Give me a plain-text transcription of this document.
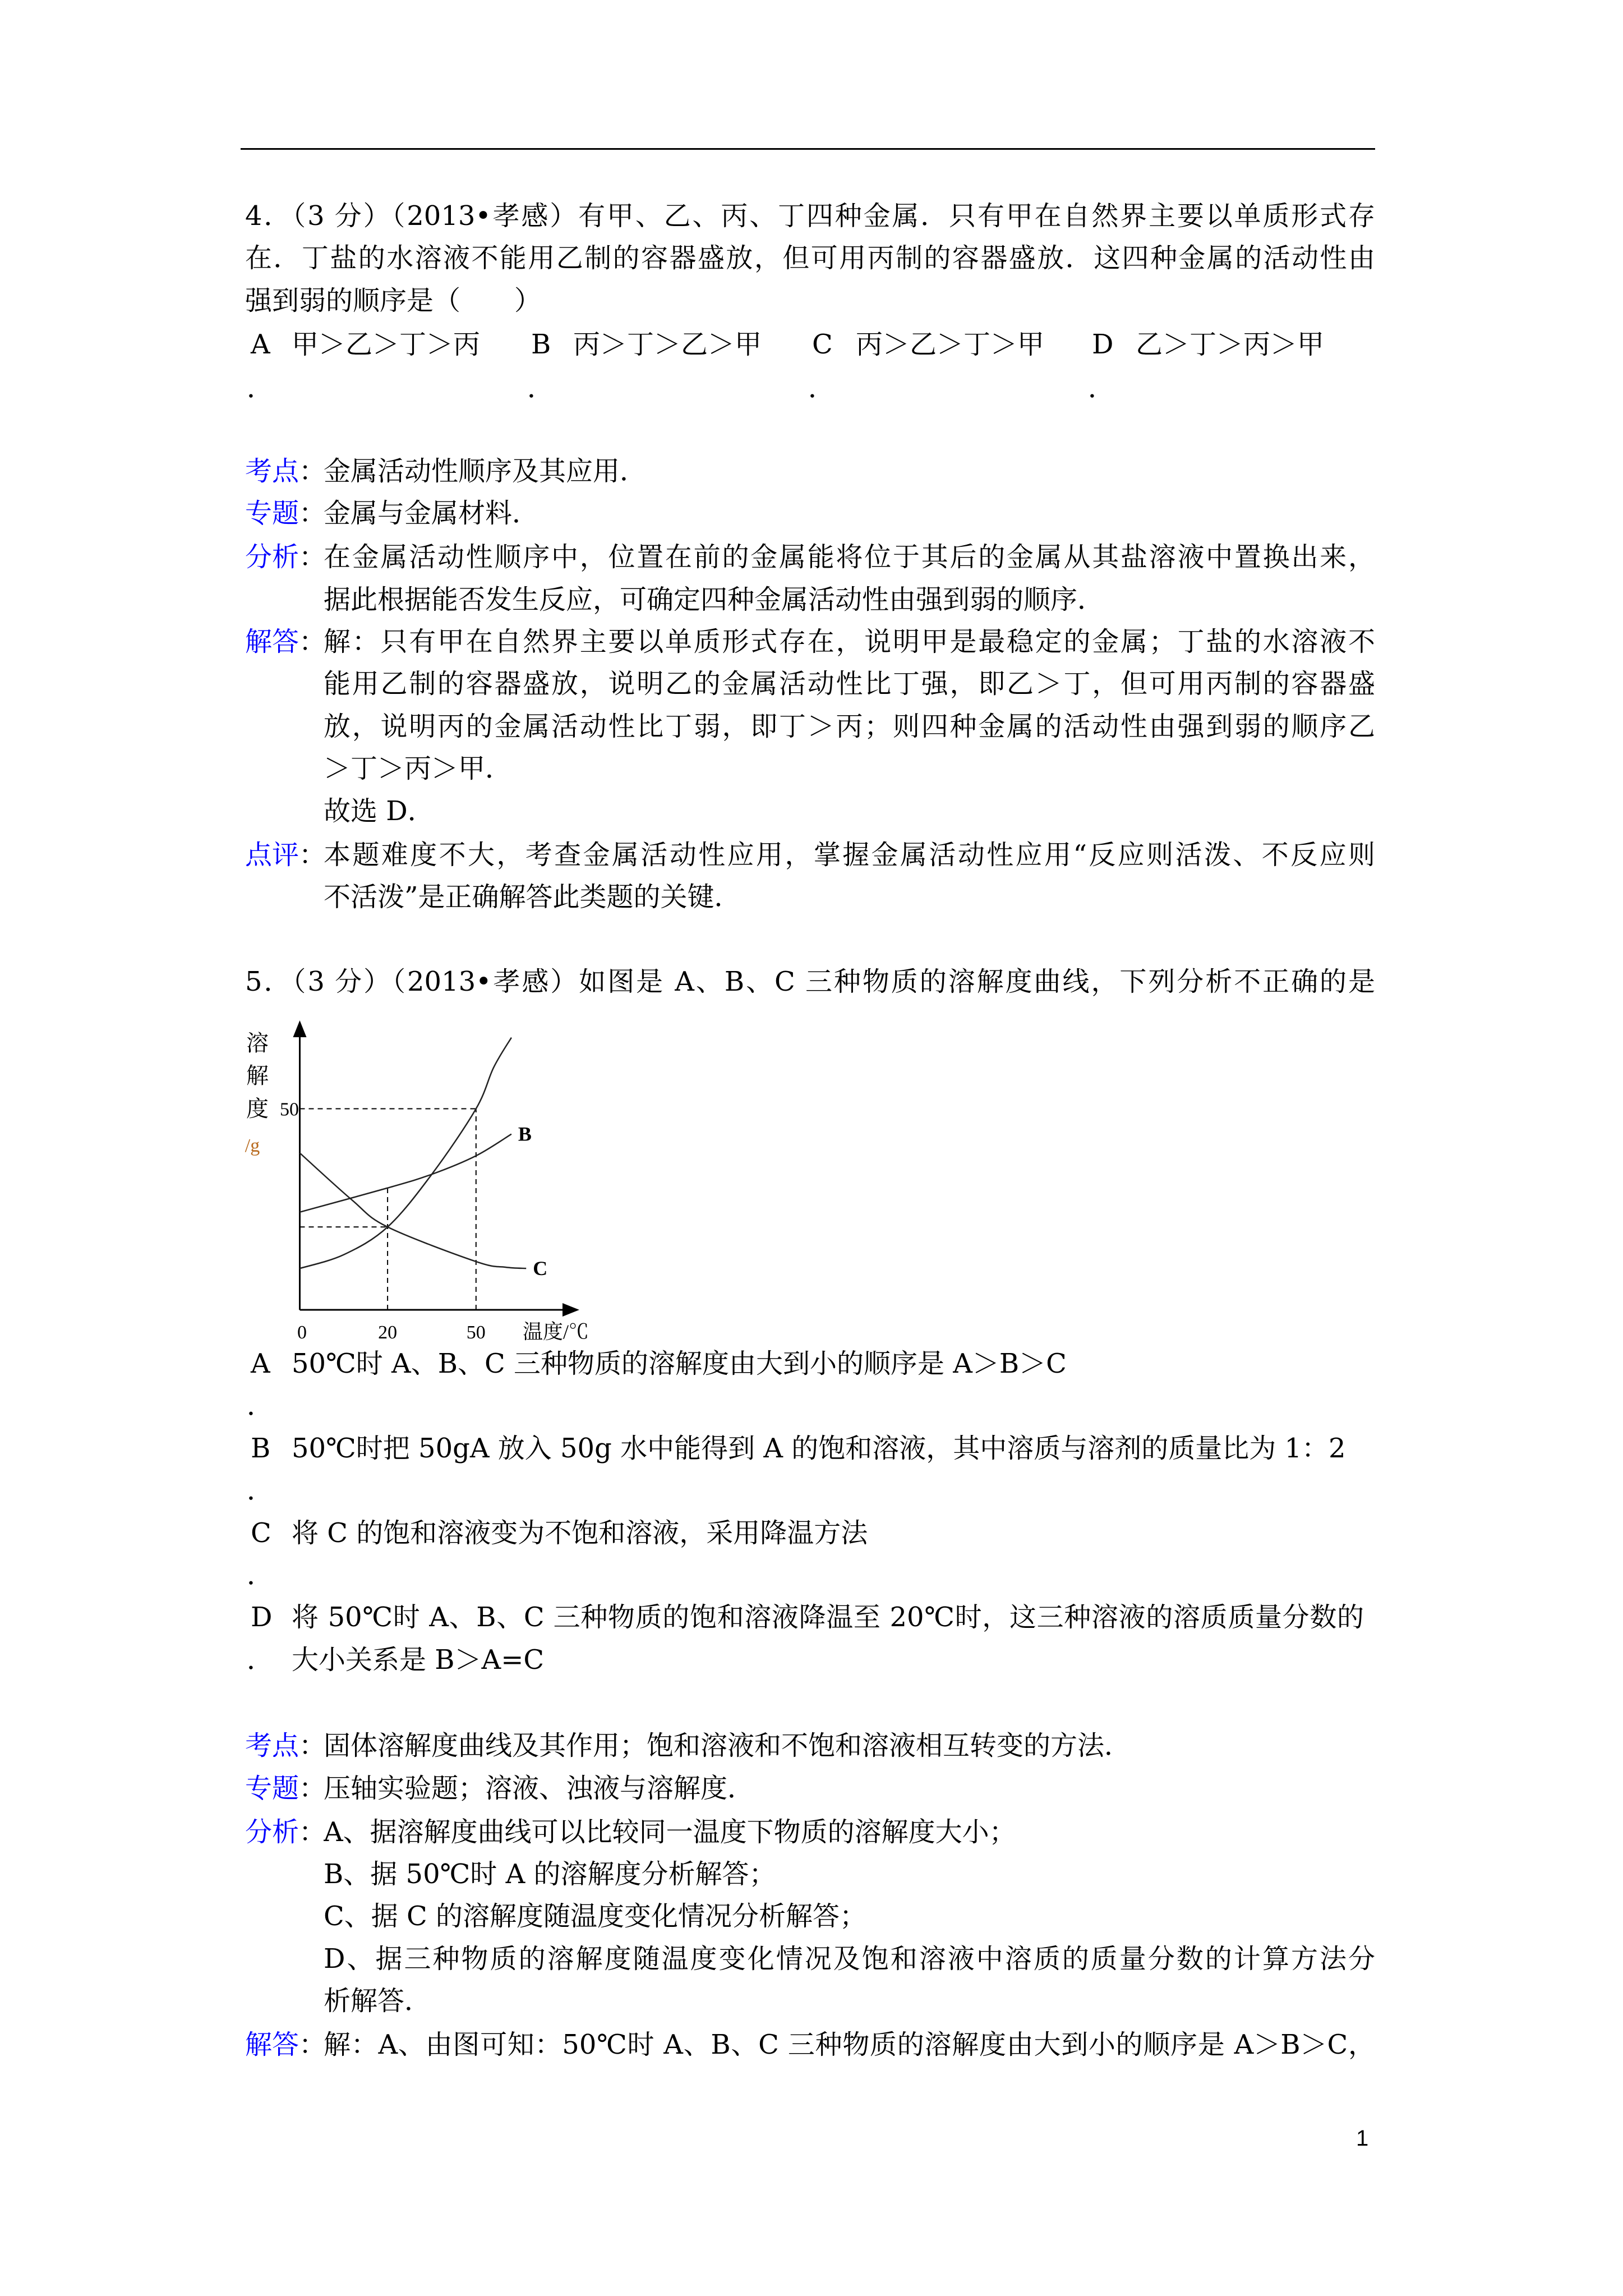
4．（3 分）（2013•孝感）有甲、乙、丙、丁四种金属．只有甲在自然界主要以单质形式存
在．丁盐的水溶液不能用乙制的容器盛放，但可用丙制的容器盛放．这四种金属的活动性由
强到弱的顺序是（　　）
A 甲＞乙＞丁＞丙 B 丙＞丁＞乙＞甲 C 丙＞乙＞丁＞甲 D 乙＞丁＞丙＞甲
．	．	．	．
考点：
金属活动性顺序及其应用．
专题：
金属与金属材料．
分析：
在金属活动性顺序中，位置在前的金属能将位于其后的金属从其盐溶液中置换出来，
据此根据能否发生反应，可确定四种金属活动性由强到弱的顺序．
解答：
解：只有甲在自然界主要以单质形式存在，说明甲是最稳定的金属；丁盐的水溶液不
能用乙制的容器盛放，说明乙的金属活动性比丁强，即乙＞丁，但可用丙制的容器盛
放，说明丙的金属活动性比丁弱，即丁＞丙；则四种金属的活动性由强到弱的顺序乙
＞丁＞丙＞甲．
故选 D．
点评：
本题难度不大，考查金属活动性应用，掌握金属活动性应用“反应则活泼、不反应则
不活泼”是正确解答此类题的关键．
5．（3 分）（2013•孝感）如图是 A、B、C 三种物质的溶解度曲线，下列分析不正确的是　　
溶
解
度
/g
50
0	20	50 温度/℃
B
C
A 50℃时 A、B、C 三种物质的溶解度由大到小的顺序是 A＞B＞C
．
B 50℃时把 50gA 放入 50g 水中能得到 A 的饱和溶液，其中溶质与溶剂的质量比为 1：2
．
C 将 C 的饱和溶液变为不饱和溶液，采用降温方法
．
D 将 50℃时 A、B、C 三种物质的饱和溶液降温至 20℃时，这三种溶液的溶质质量分数的
． 大小关系是 B＞A=C
考点：
固体溶解度曲线及其作用；饱和溶液和不饱和溶液相互转变的方法．
专题：
压轴实验题；溶液、浊液与溶解度．
分析：
A、据溶解度曲线可以比较同一温度下物质的溶解度大小；
B、据 50℃时 A 的溶解度分析解答；
C、据 C 的溶解度随温度变化情况分析解答；
D、据三种物质的溶解度随温度变化情况及饱和溶液中溶质的质量分数的计算方法分
析解答．
解答：
解：A、由图可知：50℃时 A、B、C 三种物质的溶解度由大到小的顺序是 A＞B＞C，
1
